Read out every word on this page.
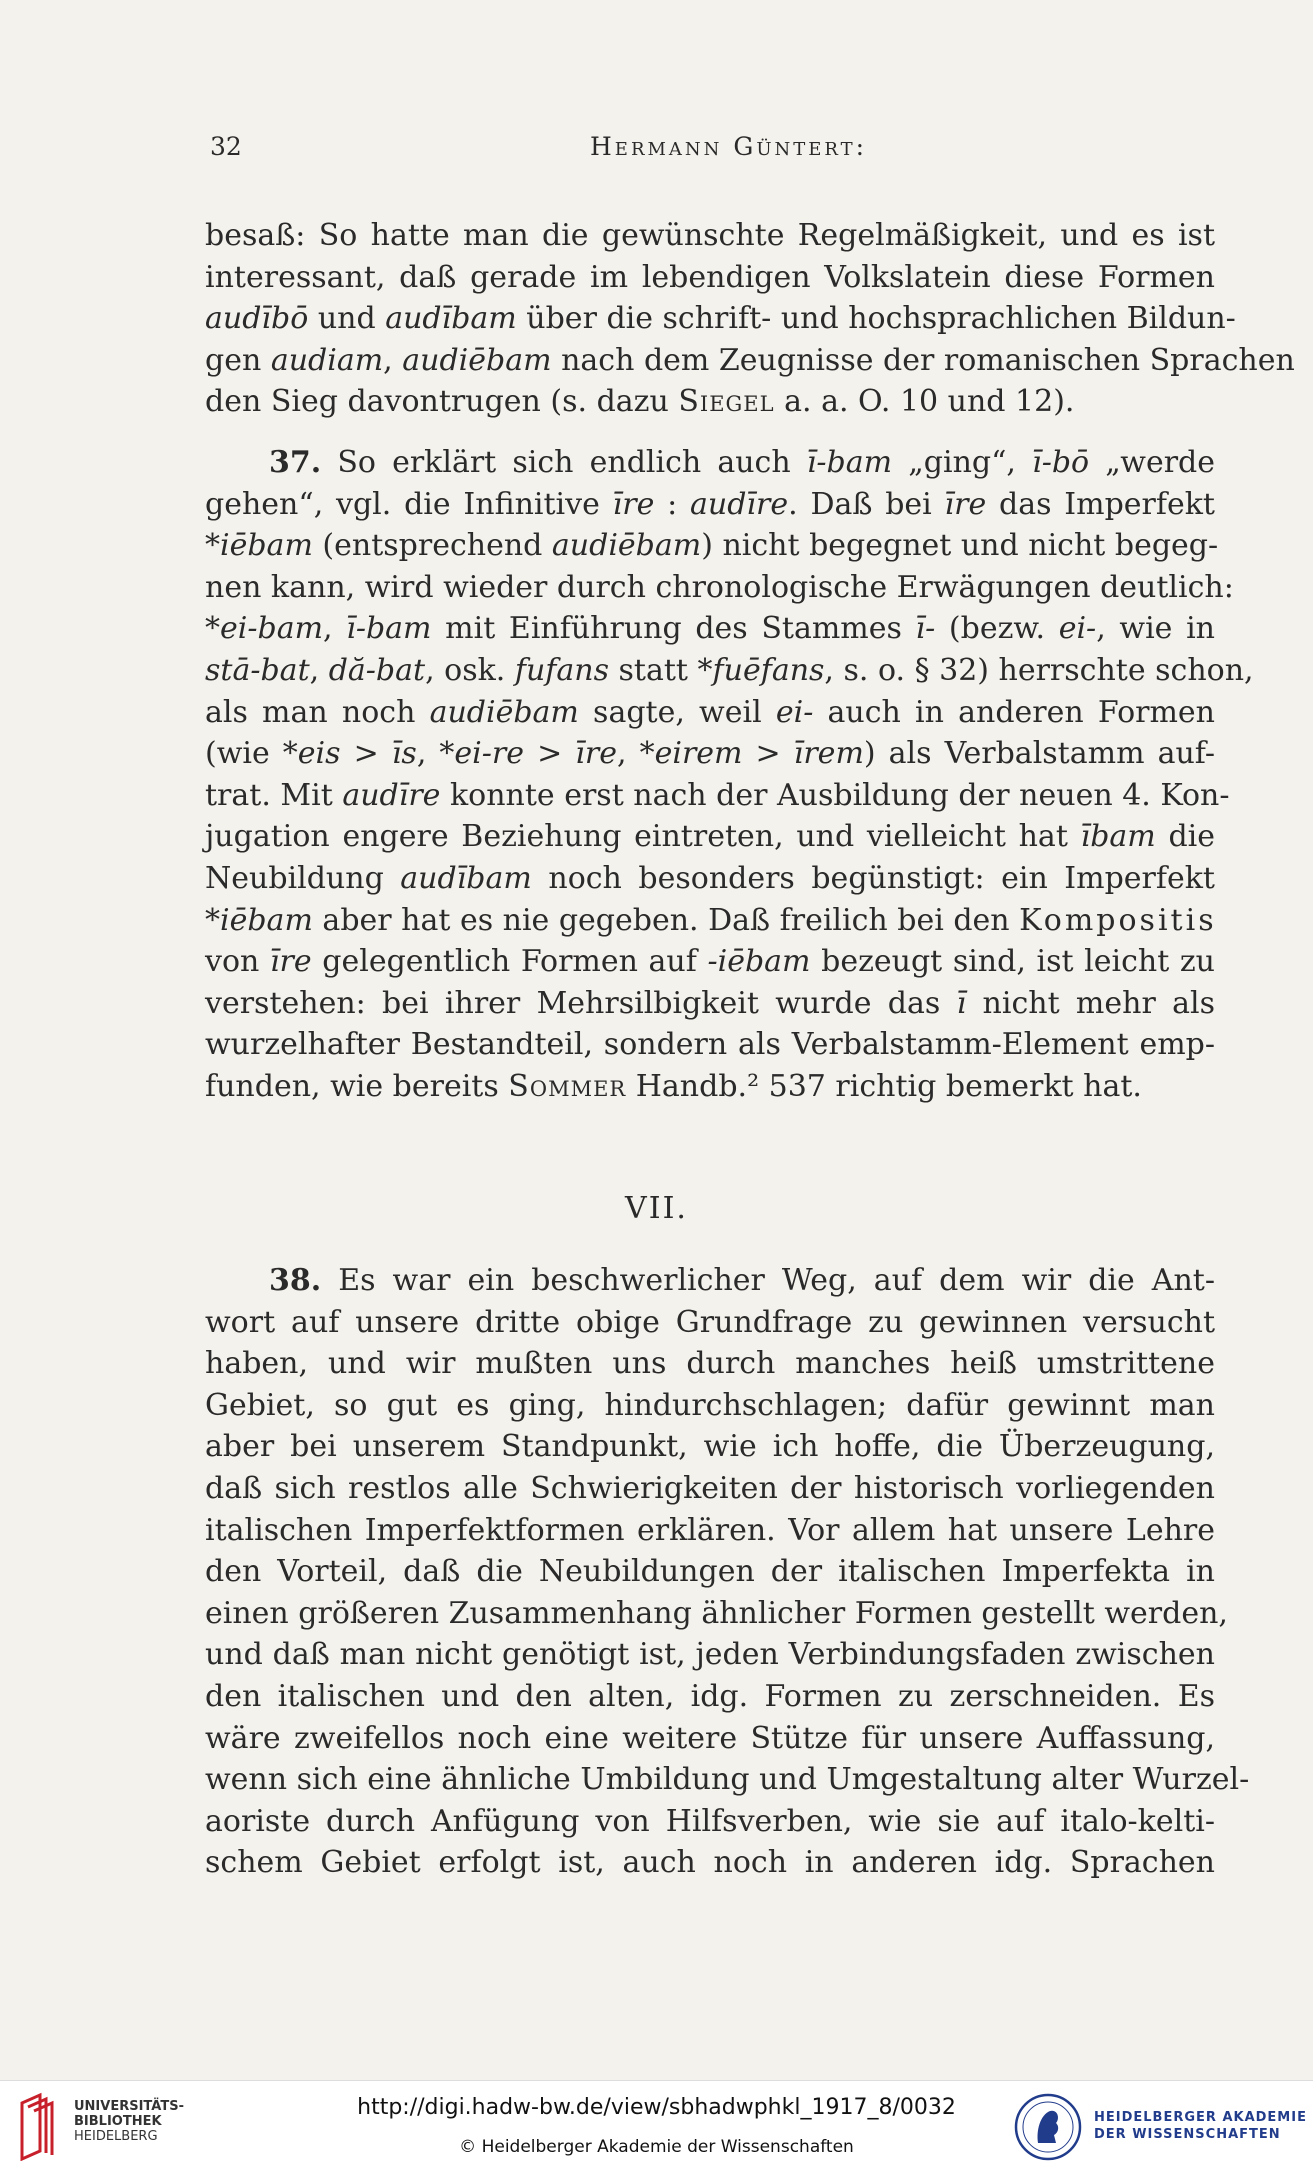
32	Hermann Güntert:
besaß: So hatte man die gewünschte Regelmäßigkeit, und es ist
interessant, daß gerade im lebendigen Volkslatein diese Formen
audībō und audībam über die schrift- und hochsprachlichen Bildun-
gen audiam, audiēbam nach dem Zeugnisse der romanischen Sprachen
den Sieg davontrugen (s. dazu Siegel a. a. O. 10 und 12).
37. So erklärt sich endlich auch ī-bam „ging“, ī-bō „werde
gehen“, vgl. die Infinitive īre : audīre. Daß bei īre das Imperfekt
*iēbam (entsprechend audiēbam) nicht begegnet und nicht begeg-
nen kann, wird wieder durch chronologische Erwägungen deutlich:
*ei-bam, ī-bam mit Einführung des Stammes ī- (bezw. ei-, wie in
stā-bat, dă-bat, osk. fufans statt *fuēfans, s. o. § 32) herrschte schon,
als man noch audiēbam sagte, weil ei- auch in anderen Formen
(wie *eis > īs, *ei-re > īre, *eirem > īrem) als Verbalstamm auf-
trat. Mit audīre konnte erst nach der Ausbildung der neuen 4. Kon-
jugation engere Beziehung eintreten, und vielleicht hat ībam die
Neubildung audībam noch besonders begünstigt: ein Imperfekt
*iēbam aber hat es nie gegeben. Daß freilich bei den Kompositis
von īre gelegentlich Formen auf -iēbam bezeugt sind, ist leicht zu
verstehen: bei ihrer Mehrsilbigkeit wurde das ī nicht mehr als
wurzelhafter Bestandteil, sondern als Verbalstamm-Element emp-
funden, wie bereits Sommer Handb.² 537 richtig bemerkt hat.
VII.
38. Es war ein beschwerlicher Weg, auf dem wir die Ant-
wort auf unsere dritte obige Grundfrage zu gewinnen versucht
haben, und wir mußten uns durch manches heiß umstrittene
Gebiet, so gut es ging, hindurchschlagen; dafür gewinnt man
aber bei unserem Standpunkt, wie ich hoffe, die Überzeugung,
daß sich restlos alle Schwierigkeiten der historisch vorliegenden
italischen Imperfektformen erklären. Vor allem hat unsere Lehre
den Vorteil, daß die Neubildungen der italischen Imperfekta in
einen größeren Zusammenhang ähnlicher Formen gestellt werden,
und daß man nicht genötigt ist, jeden Verbindungsfaden zwischen
den italischen und den alten, idg. Formen zu zerschneiden. Es
wäre zweifellos noch eine weitere Stütze für unsere Auffassung,
wenn sich eine ähnliche Umbildung und Umgestaltung alter Wurzel-
aoriste durch Anfügung von Hilfsverben, wie sie auf italo-kelti-
schem Gebiet erfolgt ist, auch noch in anderen idg. Sprachen
UNIVERSITÄTS-
BIBLIOTHEK
HEIDELBERG
http://digi.hadw-bw.de/view/sbhadwphkl_1917_8/0032
© Heidelberger Akademie der Wissenschaften
HEIDELBERGER AKADEMIE
DER WISSENSCHAFTEN
